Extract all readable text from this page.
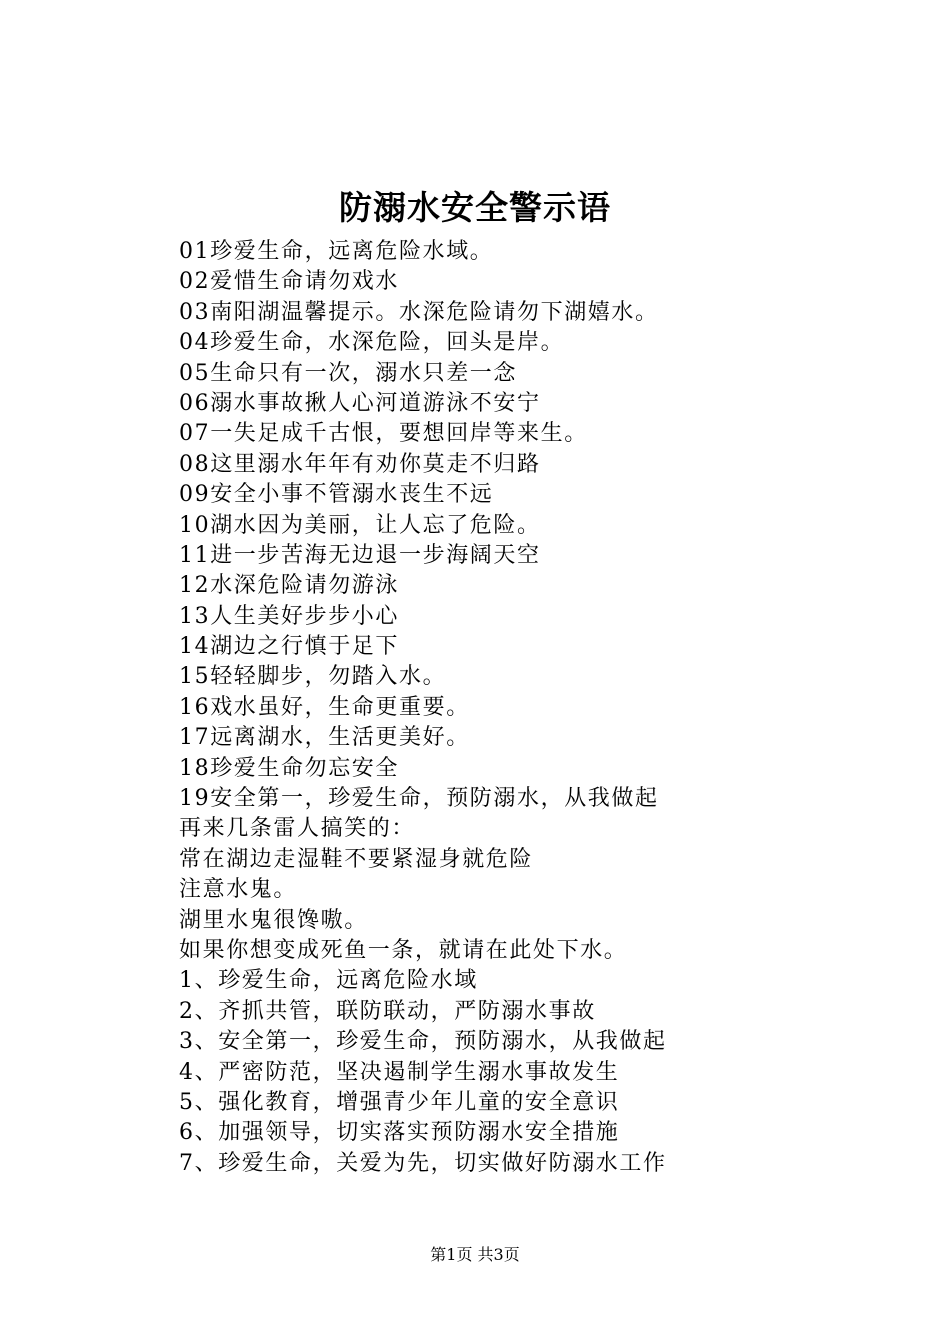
防溺水安全警示语
01珍爱生命，远离危险水域。
02爱惜生命请勿戏水
03南阳湖温馨提示。水深危险请勿下湖嬉水。
04珍爱生命，水深危险，回头是岸。
05生命只有一次，溺水只差一念
06溺水事故揪人心河道游泳不安宁
07一失足成千古恨，要想回岸等来生。
08这里溺水年年有劝你莫走不归路
09安全小事不管溺水丧生不远
10湖水因为美丽，让人忘了危险。
11进一步苦海无边退一步海阔天空
12水深危险请勿游泳
13人生美好步步小心
14湖边之行慎于足下
15轻轻脚步，勿踏入水。
16戏水虽好，生命更重要。
17远离湖水，生活更美好。
18珍爱生命勿忘安全
19安全第一，珍爱生命，预防溺水，从我做起
再来几条雷人搞笑的：
常在湖边走湿鞋不要紧湿身就危险
注意水鬼。
湖里水鬼很馋嗷。
如果你想变成死鱼一条，就请在此处下水。
1、珍爱生命，远离危险水域
2、齐抓共管，联防联动，严防溺水事故
3、安全第一，珍爱生命，预防溺水，从我做起
4、严密防范，坚决遏制学生溺水事故发生
5、强化教育，增强青少年儿童的安全意识
6、加强领导，切实落实预防溺水安全措施
7、珍爱生命，关爱为先，切实做好防溺水工作
第1页 共3页
